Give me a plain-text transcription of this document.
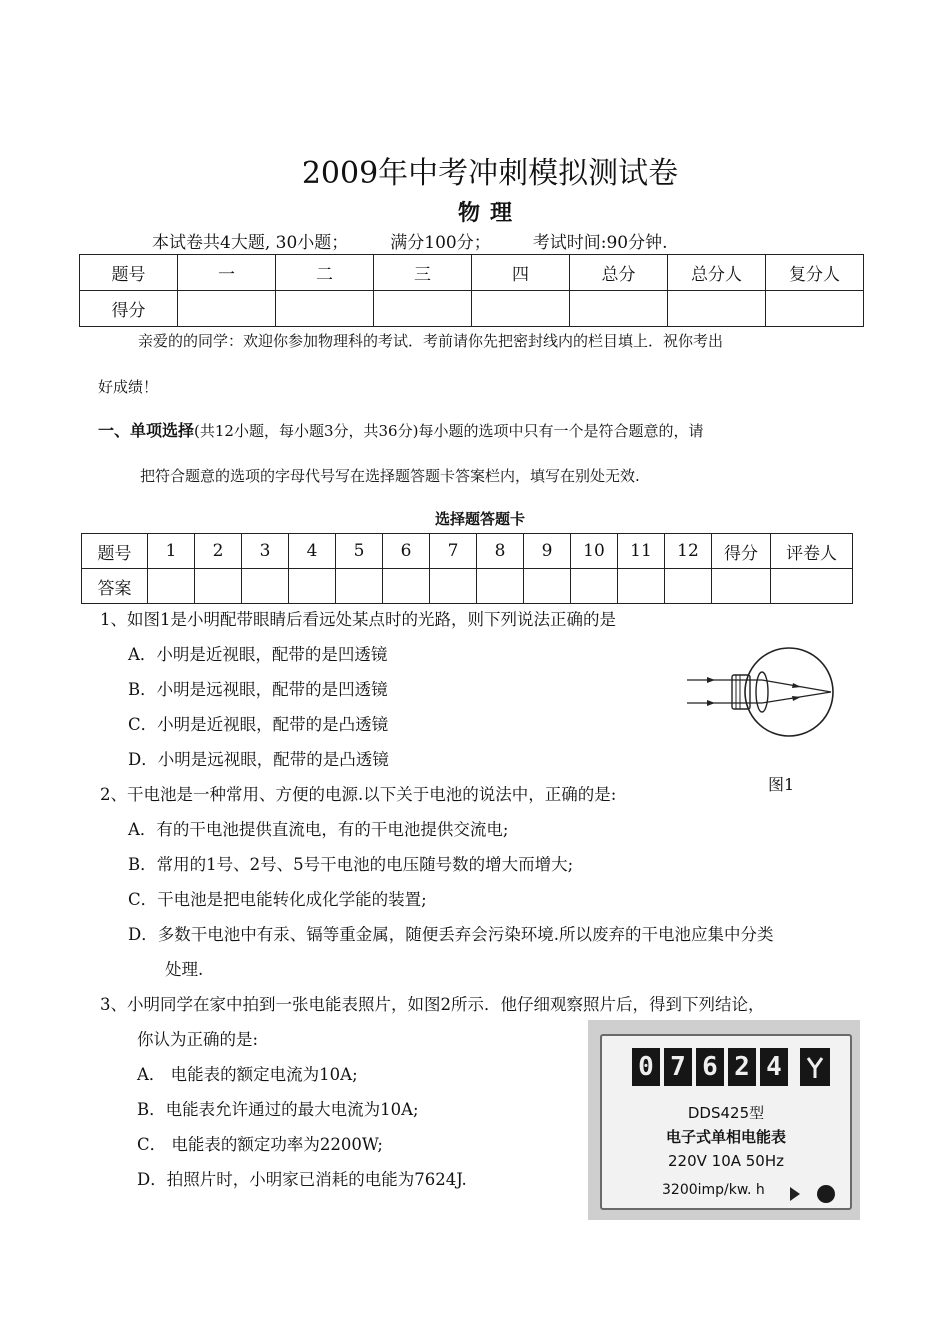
2009年中考冲刺模拟测试卷
物理
本试卷共4大题, 30小题； 满分100分； 考试时间:90分钟.
题号	一	二	三	四	总分	总分人	复分人
得分							
亲爱的的同学：欢迎你参加物理科的考试．考前请你先把密封线内的栏目填上．祝你考出
好成绩！
一、单项选择(共12小题，每小题3分，共36分)每小题的选项中只有一个是符合题意的，请
把符合题意的选项的字母代号写在选择题答题卡答案栏内，填写在别处无效.
选择题答题卡
题号	1	2	3	4	5	6	7	8	9	10	11	12	得分	评卷人
答案														
1、如图1是小明配带眼睛后看远处某点时的光路，则下列说法正确的是
A．小明是近视眼，配带的是凹透镜
B．小明是远视眼，配带的是凹透镜
C．小明是近视眼，配带的是凸透镜
D．小明是远视眼，配带的是凸透镜
图1
2、干电池是一种常用、方便的电源.以下关于电池的说法中，正确的是:
A．有的干电池提供直流电，有的干电池提供交流电;
B．常用的1号、2号、5号干电池的电压随号数的增大而增大;
C．干电池是把电能转化成化学能的装置;
D．多数干电池中有汞、镉等重金属，随便丢弃会污染环境.所以废弃的干电池应集中分类
处理.
3、小明同学在家中拍到一张电能表照片，如图2所示．他仔细观察照片后，得到下列结论，
你认为正确的是:
A． 电能表的额定电流为10A;
B．电能表允许通过的最大电流为10A;
C． 电能表的额定功率为2200W;
D．拍照片时，小明家已消耗的电能为7624J.
0 7 6 2 4
DDS425型
电子式单相电能表
220V 10A 50Hz
3200imp/kw. h
